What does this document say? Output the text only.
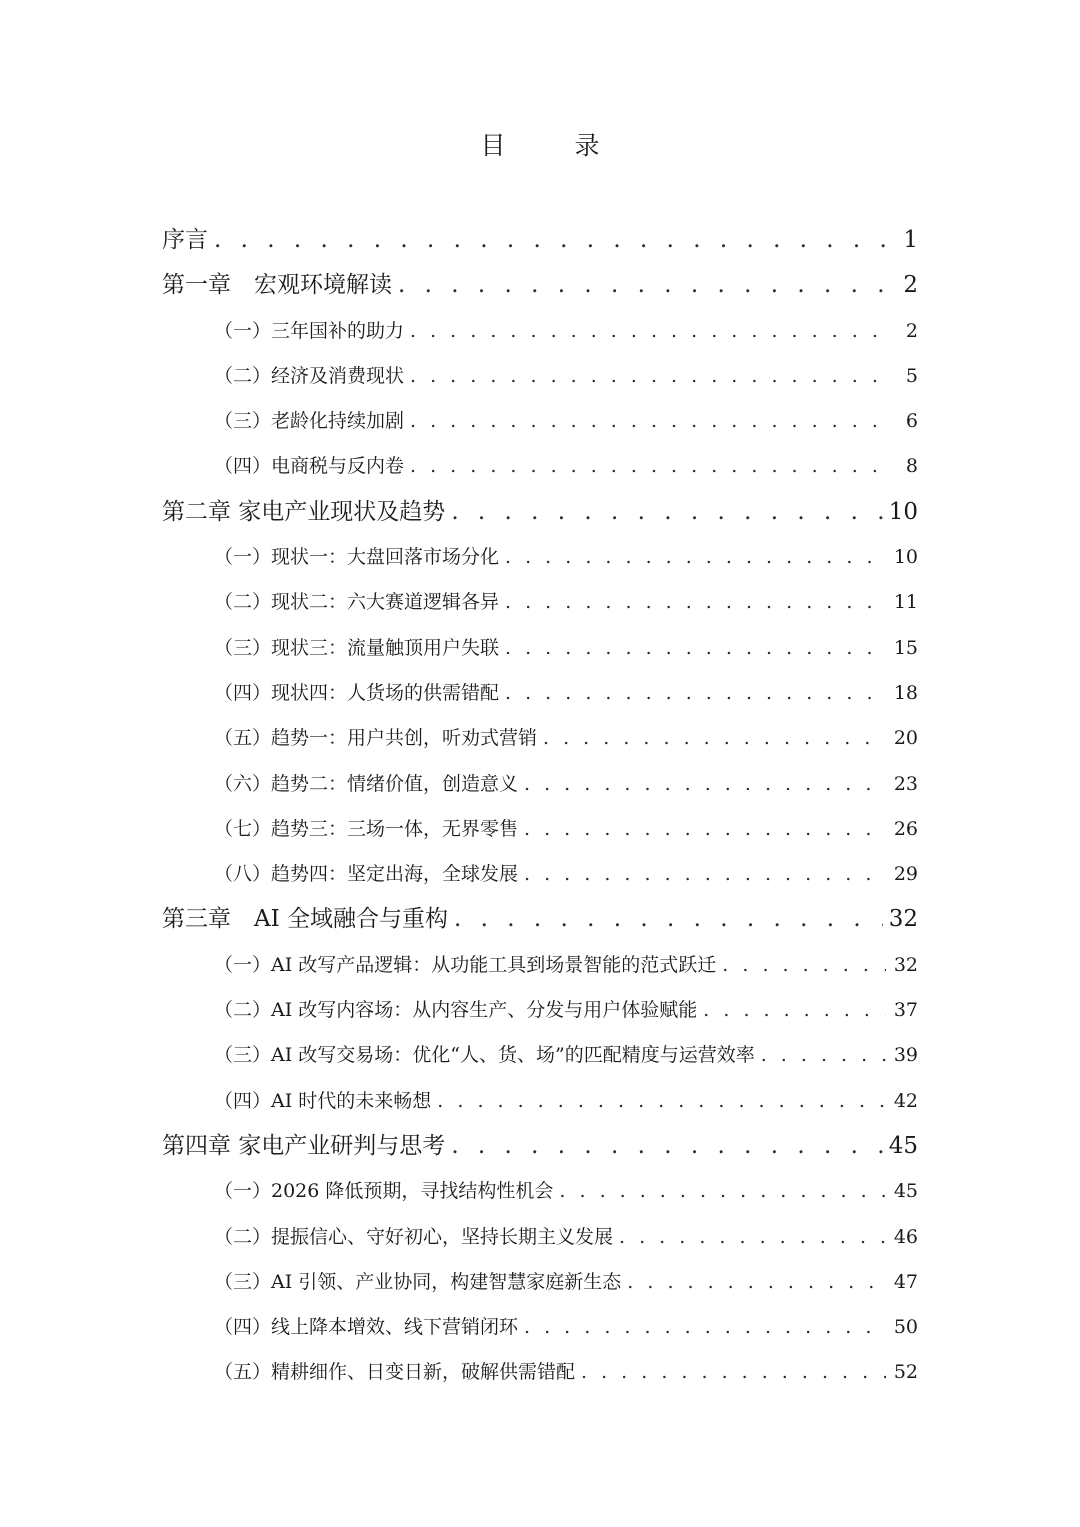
目　录
序言 . . .	1
第一章　宏观环境解读 . . .	2
（一）三年国补的助力 . . .	2
（二）经济及消费现状 . . .	5
（三）老龄化持续加剧 . . .	6
（四）电商税与反内卷 . . .	8
第二章 家电产业现状及趋势 . . .	10
（一）现状一：大盘回落市场分化 . . .	10
（二）现状二：六大赛道逻辑各异 . . .	11
（三）现状三：流量触顶用户失联 . . .	15
（四）现状四：人货场的供需错配 . . .	18
（五）趋势一：用户共创，听劝式营销 . . .	20
（六）趋势二：情绪价值，创造意义 . . .	23
（七）趋势三：三场一体，无界零售 . . .	26
（八）趋势四：坚定出海，全球发展 . . .	29
第三章　AI 全域融合与重构 . . .	32
（一）AI 改写产品逻辑：从功能工具到场景智能的范式跃迁 . . .	32
（二）AI 改写内容场：从内容生产、分发与用户体验赋能 . . .	37
（三）AI 改写交易场：优化“人、货、场”的匹配精度与运营效率 . . .	39
（四）AI 时代的未来畅想 . . .	42
第四章 家电产业研判与思考 . . .	45
（一）2026 降低预期，寻找结构性机会 . . .	45
（二）提振信心、守好初心，坚持长期主义发展 . . .	46
（三）AI 引领、产业协同，构建智慧家庭新生态 . . .	47
（四）线上降本增效、线下营销闭环 . . .	50
（五）精耕细作、日变日新，破解供需错配 . . .	52
